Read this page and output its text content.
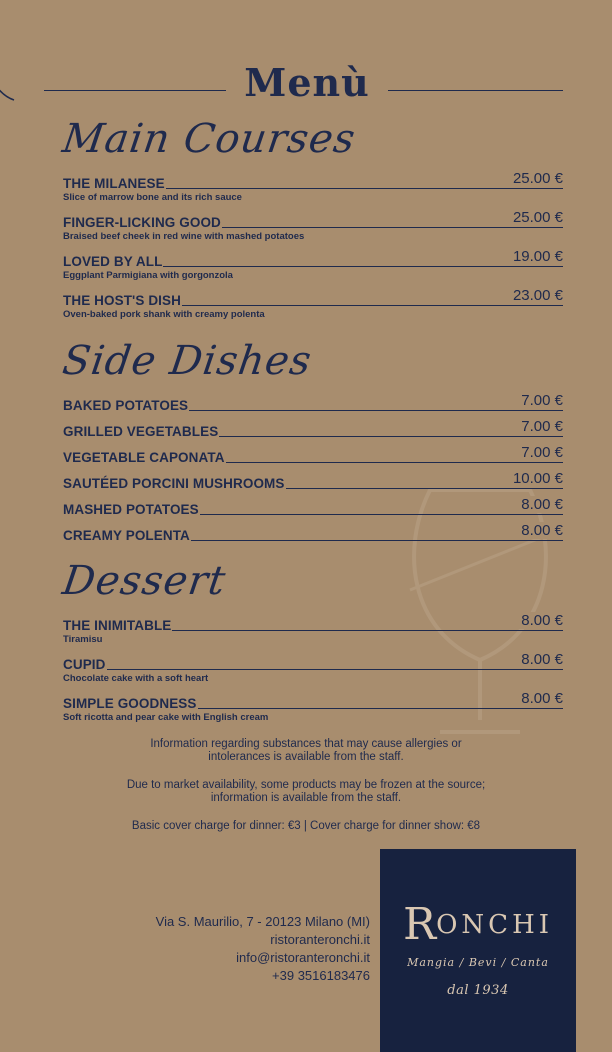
Menù
Main Courses
THE MILANESE	25.00 €
Slice of marrow bone and its rich sauce
FINGER-LICKING GOOD	25.00 €
Braised beef cheek in red wine with mashed potatoes
LOVED BY ALL	19.00 €
Eggplant Parmigiana with gorgonzola
THE HOST'S DISH	23.00 €
Oven-baked pork shank with creamy polenta
Side Dishes
BAKED POTATOES	7.00 €
GRILLED VEGETABLES	7.00 €
VEGETABLE CAPONATA	7.00 €
SAUTÉED PORCINI MUSHROOMS	10.00 €
MASHED POTATOES	8.00 €
CREAMY POLENTA	8.00 €
Dessert
THE INIMITABLE	8.00 €
Tiramisu
CUPID	8.00 €
Chocolate cake with a soft heart
SIMPLE GOODNESS	8.00 €
Soft ricotta and pear cake with English cream

Information regarding substances that may cause allergies or
intolerances is available from the staff.

Due to market availability, some products may be frozen at the source;
information is available from the staff.

Basic cover charge for dinner: €3 | Cover charge for dinner show: €8

Via S. Maurilio, 7 - 20123 Milano (MI)
ristoranteronchi.it
info@ristoranteronchi.it
+39 3516183476
RONCHI
Mangia / Bevi / Canta
dal 1934
